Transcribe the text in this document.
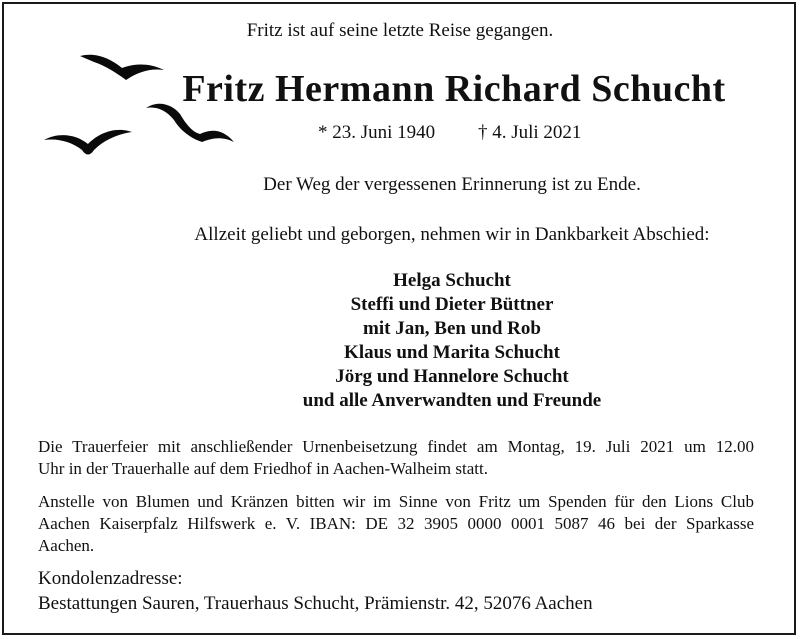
Fritz ist auf seine letzte Reise gegangen.
Fritz Hermann Richard Schucht
* 23. Juni 1940 † 4. Juli 2021
Der Weg der vergessenen Erinnerung ist zu Ende.
Allzeit geliebt und geborgen, nehmen wir in Dankbarkeit Abschied:
Helga Schucht
Steffi und Dieter Büttner
mit Jan, Ben und Rob
Klaus und Marita Schucht
Jörg und Hannelore Schucht
und alle Anverwandten und Freunde
Die Trauerfeier mit anschließender Urnenbeisetzung findet am Montag, 19. Juli 2021 um 12.00
Uhr in der Trauerhalle auf dem Friedhof in Aachen-Walheim statt.
Anstelle von Blumen und Kränzen bitten wir im Sinne von Fritz um Spenden für den Lions Club
Aachen Kaiserpfalz Hilfswerk e. V. IBAN: DE 32 3905 0000 0001 5087 46 bei der Sparkasse
Aachen.
Kondolenzadresse:
Bestattungen Sauren, Trauerhaus Schucht, Prämienstr. 42, 52076 Aachen
